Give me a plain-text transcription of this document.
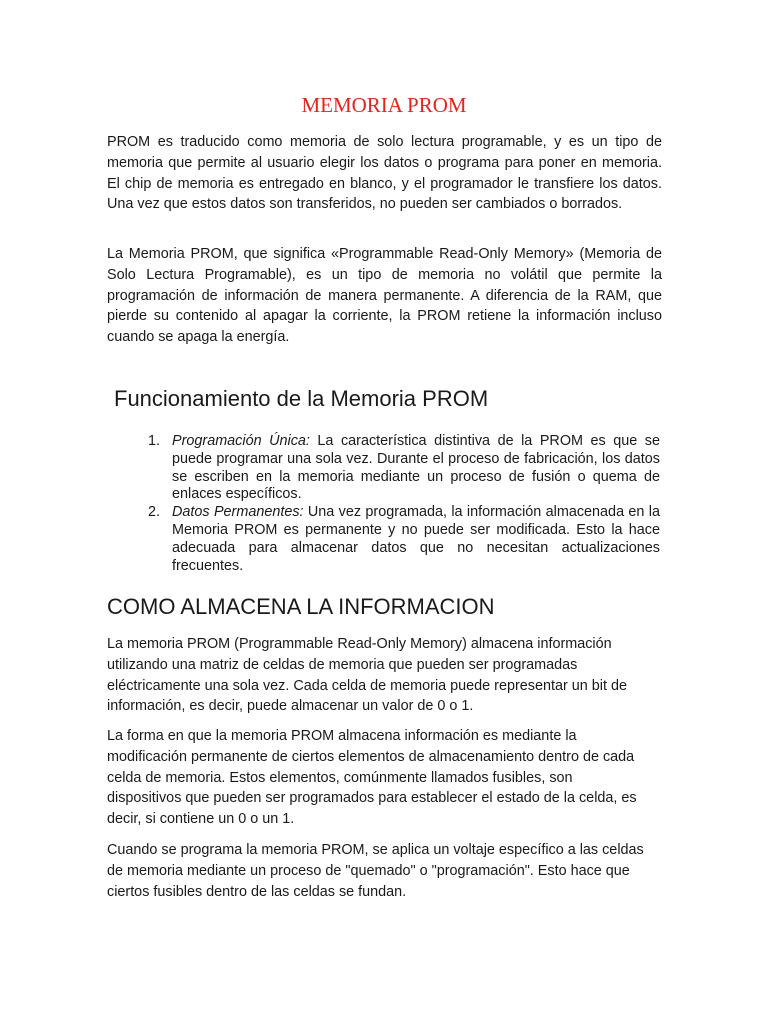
MEMORIA PROM

PROM es traducido como memoria de solo lectura programable, y es un tipo de memoria que permite al usuario elegir los datos o programa para poner en memoria. El chip de memoria es entregado en blanco, y el programador le transfiere los datos. Una vez que estos datos son transferidos, no pueden ser cambiados o borrados.

La Memoria PROM, que significa «Programmable Read-Only Memory» (Memoria de Solo Lectura Programable), es un tipo de memoria no volátil que permite la programación de información de manera permanente. A diferencia de la RAM, que pierde su contenido al apagar la corriente, la PROM retiene la información incluso cuando se apaga la energía.

Funcionamiento de la Memoria PROM
1. Programación Única: La característica distintiva de la PROM es que se puede programar una sola vez. Durante el proceso de fabricación, los datos se escriben en la memoria mediante un proceso de fusión o quema de enlaces específicos.
2. Datos Permanentes: Una vez programada, la información almacenada en la Memoria PROM es permanente y no puede ser modificada. Esto la hace adecuada para almacenar datos que no necesitan actualizaciones frecuentes.
COMO ALMACENA LA INFORMACION

La memoria PROM (Programmable Read-Only Memory) almacena información utilizando una matriz de celdas de memoria que pueden ser programadas eléctricamente una sola vez. Cada celda de memoria puede representar un bit de información, es decir, puede almacenar un valor de 0 o 1.

La forma en que la memoria PROM almacena información es mediante la modificación permanente de ciertos elementos de almacenamiento dentro de cada celda de memoria. Estos elementos, comúnmente llamados fusibles, son dispositivos que pueden ser programados para establecer el estado de la celda, es decir, si contiene un 0 o un 1.

Cuando se programa la memoria PROM, se aplica un voltaje específico a las celdas de memoria mediante un proceso de "quemado" o "programación". Esto hace que ciertos fusibles dentro de las celdas se fundan.
